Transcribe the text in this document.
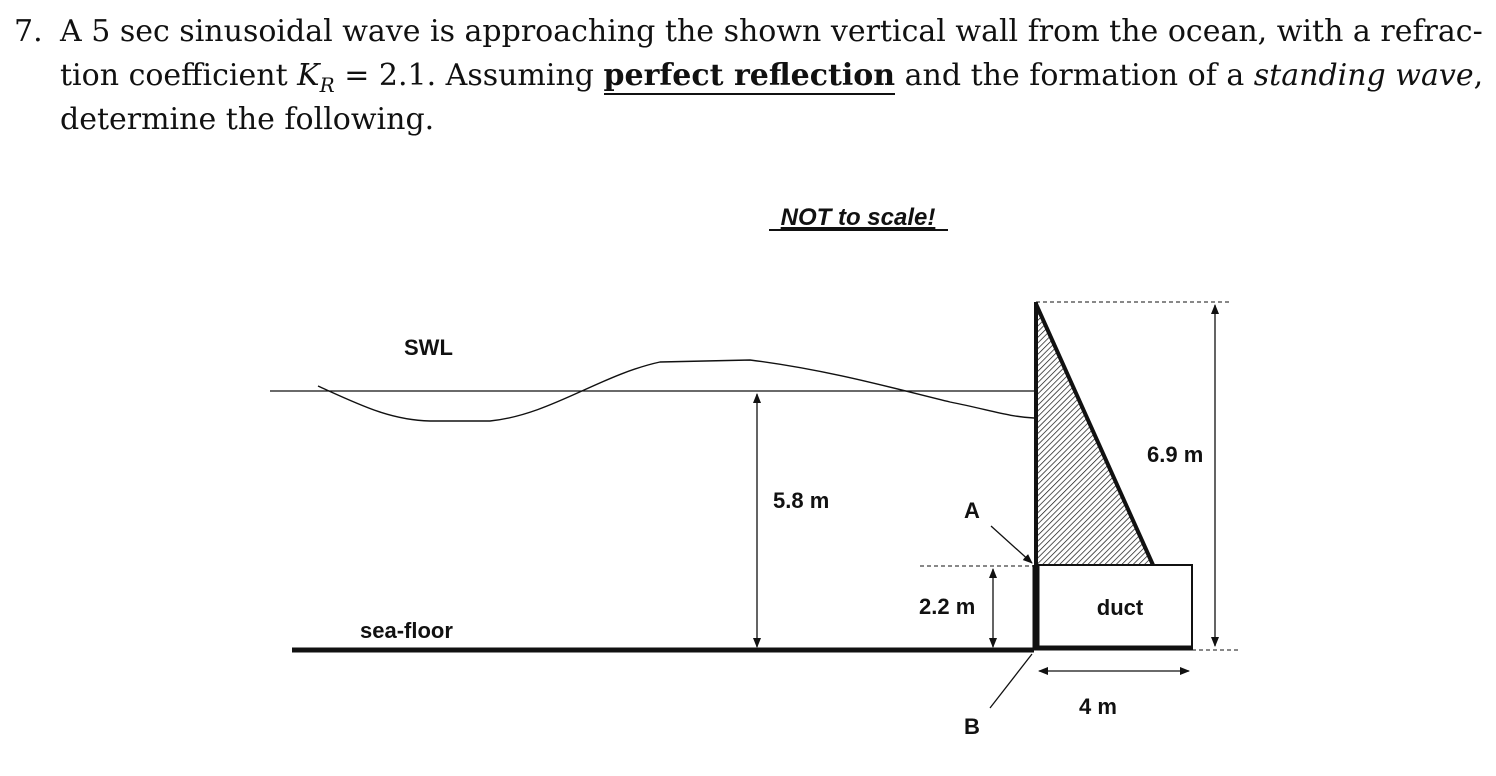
7. A 5 sec sinusoidal wave is approaching the shown vertical wall from the ocean, with a refrac-
tion coefficient $K_R = 2.1$. Assuming perfect reflection and the formation of a standing wave,
determine the following.
NOT to scale!
SWL
sea-floor
5.8 m
duct
2.2 m
6.9 m
4 m
A
B
